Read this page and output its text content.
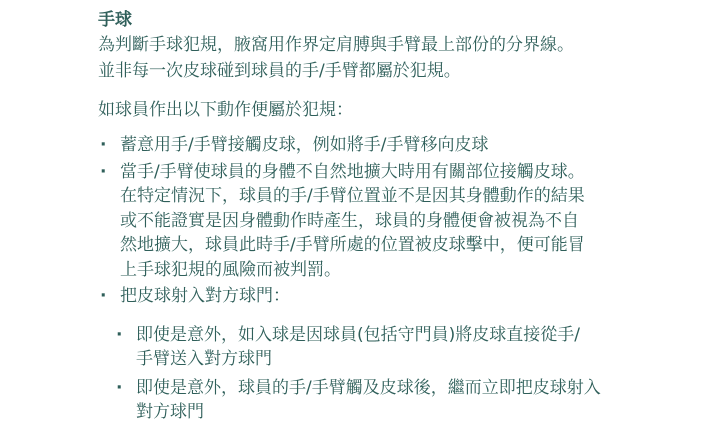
手球

為判斷手球犯規，腋窩用作界定肩膊與手臂最上部份的分界線。
並非每一次皮球碰到球員的手/手臂都屬於犯規。

如球員作出以下動作便屬於犯規：

· 蓄意用手/手臂接觸皮球，例如將手/手臂移向皮球
· 當手/手臂使球員的身體不自然地擴大時用有關部位接觸皮球。
在特定情況下，球員的手/手臂位置並不是因其身體動作的結果
或不能證實是因身體動作時產生，球員的身體便會被視為不自
然地擴大，球員此時手/手臂所處的位置被皮球擊中，便可能冒
上手球犯規的風險而被判罰。
· 把皮球射入對方球門：
· 即使是意外，如入球是因球員(包括守門員)將皮球直接從手/
手臂送入對方球門
· 即使是意外，球員的手/手臂觸及皮球後，繼而立即把皮球射入
對方球門
